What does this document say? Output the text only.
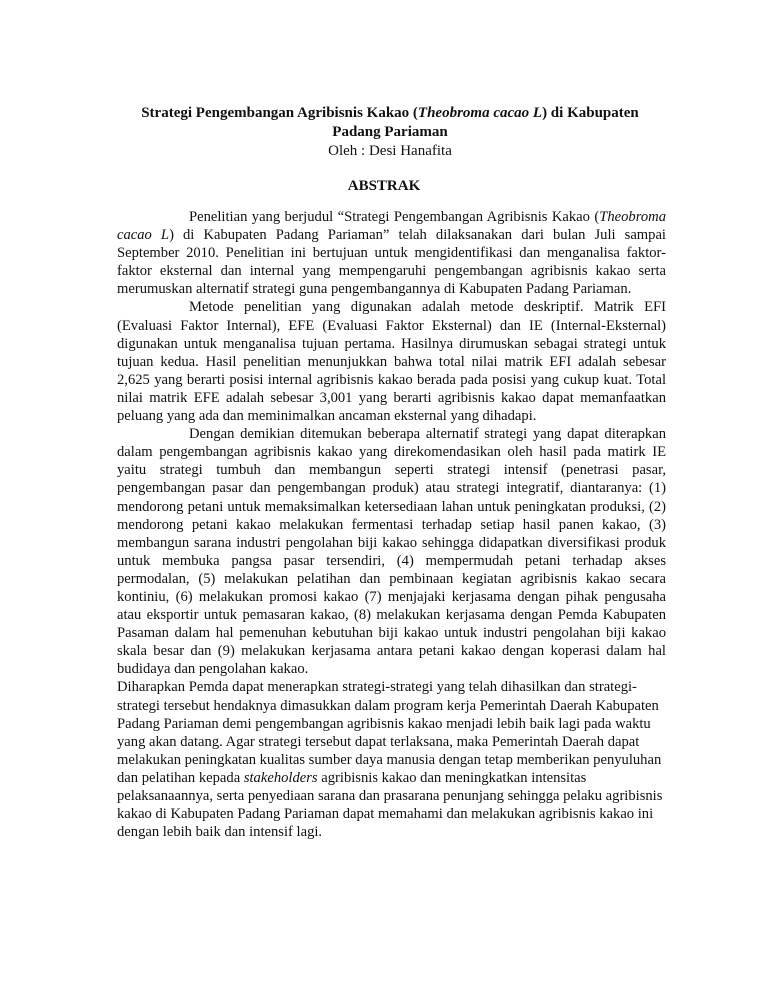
Strategi Pengembangan Agribisnis Kakao (Theobroma cacao L) di Kabupaten Padang Pariaman

Oleh : Desi Hanafita

ABSTRAK

Penelitian yang berjudul “Strategi Pengembangan Agribisnis Kakao (Theobroma cacao L) di Kabupaten Padang Pariaman” telah dilaksanakan dari bulan Juli sampai September 2010. Penelitian ini bertujuan untuk mengidentifikasi dan menganalisa faktor-faktor eksternal dan internal yang mempengaruhi pengembangan agribisnis kakao serta merumuskan alternatif strategi guna pengembangannya di Kabupaten Padang Pariaman.

Metode penelitian yang digunakan adalah metode deskriptif. Matrik EFI (Evaluasi Faktor Internal), EFE (Evaluasi Faktor Eksternal) dan IE (Internal-Eksternal) digunakan untuk menganalisa tujuan pertama. Hasilnya dirumuskan sebagai strategi untuk tujuan kedua. Hasil penelitian menunjukkan bahwa total nilai matrik EFI adalah sebesar 2,625 yang berarti posisi internal agribisnis kakao berada pada posisi yang cukup kuat. Total nilai matrik EFE adalah sebesar 3,001 yang berarti agribisnis kakao dapat memanfaatkan peluang yang ada dan meminimalkan ancaman eksternal yang dihadapi.

Dengan demikian ditemukan beberapa alternatif strategi yang dapat diterapkan dalam pengembangan agribisnis kakao yang direkomendasikan oleh hasil pada matirk IE yaitu strategi tumbuh dan membangun seperti strategi intensif (penetrasi pasar, pengembangan pasar dan pengembangan produk) atau strategi integratif, diantaranya: (1) mendorong petani untuk memaksimalkan ketersediaan lahan untuk peningkatan produksi, (2) mendorong petani kakao melakukan fermentasi terhadap setiap hasil panen kakao, (3) membangun sarana industri pengolahan biji kakao sehingga didapatkan diversifikasi produk untuk membuka pangsa pasar tersendiri, (4) mempermudah petani terhadap akses permodalan, (5) melakukan pelatihan dan pembinaan kegiatan agribisnis kakao secara kontiniu, (6) melakukan promosi kakao (7) menjajaki kerjasama dengan pihak pengusaha atau eksportir untuk pemasaran kakao, (8) melakukan kerjasama dengan Pemda Kabupaten Pasaman dalam hal pemenuhan kebutuhan biji kakao untuk industri pengolahan biji kakao skala besar dan (9) melakukan kerjasama antara petani kakao dengan koperasi dalam hal budidaya dan pengolahan kakao.

Diharapkan Pemda dapat menerapkan strategi-strategi yang telah dihasilkan dan strategi-strategi tersebut hendaknya dimasukkan dalam program kerja Pemerintah Daerah Kabupaten Padang Pariaman demi pengembangan agribisnis kakao menjadi lebih baik lagi pada waktu yang akan datang. Agar strategi tersebut dapat terlaksana, maka Pemerintah Daerah dapat melakukan peningkatan kualitas sumber daya manusia dengan tetap memberikan penyuluhan dan pelatihan kepada stakeholders agribisnis kakao dan meningkatkan intensitas pelaksanaannya, serta penyediaan sarana dan prasarana penunjang sehingga pelaku agribisnis kakao di Kabupaten Padang Pariaman dapat memahami dan melakukan agribisnis kakao ini dengan lebih baik dan intensif lagi.
